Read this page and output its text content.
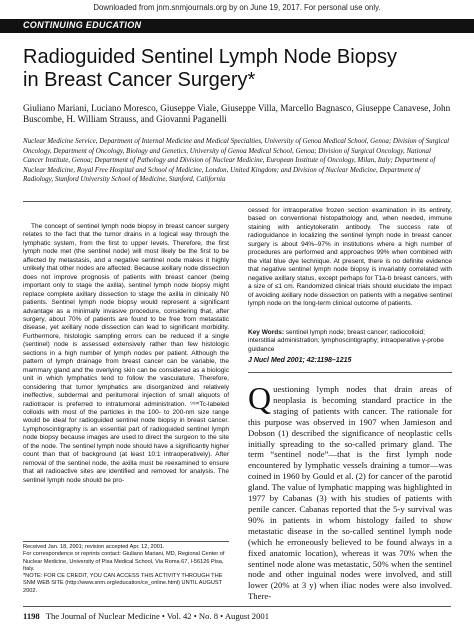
Downloaded from jnm.snmjournals.org by on June 19, 2017. For personal use only.
CONTINUING EDUCATION
Radioguided Sentinel Lymph Node Biopsy
in Breast Cancer Surgery*
Giuliano Mariani, Luciano Moresco, Giuseppe Viale, Giuseppe Villa, Marcello Bagnasco, Giuseppe Canavese, John Buscombe, H. William Strauss, and Giovanni Paganelli
Nuclear Medicine Service, Department of Internal Medicine and Medical Specialties, University of Genoa Medical School, Genoa; Division of Surgical Oncology, Department of Oncology, Biology and Genetics, University of Genoa Medical School, Genoa; Division of Surgical Oncology, National Cancer Institute, Genoa; Department of Pathology and Division of Nuclear Medicine, European Institute of Oncology, Milan, Italy; Department of Nuclear Medicine, Royal Free Hospital and School of Medicine, London, United Kingdom; and Division of Nuclear Medicine, Department of Radiology, Stanford University School of Medicine, Stanford, California

The concept of sentinel lymph node biopsy in breast cancer surgery relates to the fact that the tumor drains in a logical way through the lymphatic system, from the first to upper levels. Therefore, the first lymph node met (the sentinel node) will most likely be the first to be affected by metastasis, and a negative sentinel node makes it highly unlikely that other nodes are affected. Because axillary node dissection does not improve prognosis of patients with breast cancer (being important only to stage the axilla), sentinel lymph node biopsy might replace complete axillary dissection to stage the axilla in clinically N0 patients. Sentinel lymph node biopsy would represent a significant advantage as a minimally invasive procedure, considering that, after surgery, about 70% of patients are found to be free from metastatic disease, yet axillary node dissection can lead to significant morbidity. Furthermore, histologic sampling errors can be reduced if a single (sentinel) node is assessed extensively rather than few histologic sections in a high number of lymph nodes per patient. Although the pattern of lymph drainage from breast cancer can be variable, the mammary gland and the overlying skin can be considered as a biologic unit in which lymphatics tend to follow the vasculature. Therefore, considering that tumor lymphatics are disorganized and relatively ineffective, subdermal and peritumoral injection of small aliquots of radiotracer is preferred to intratumoral administration. ⁹⁹ᵐTc-labeled colloids with most of the particles in the 100- to 200-nm size range would be ideal for radioguided sentinel node biopsy in breast cancer. Lymphoscintigraphy is an essential part of radioguided sentinel lymph node biopsy because images are used to direct the surgeon to the site of the node. The sentinel lymph node should have a significantly higher count than that of background (at least 10:1 intraoperatively). After removal of the sentinel node, the axilla must be reexamined to ensure that all radioactive sites are identified and removed for analysis. The sentinel lymph node should be pro-

cessed for intraoperative frozen section examination in its entirety, based on conventional histopathology and, when needed, immune staining with anticytokeratin antibody. The success rate of radioguidance in localizing the sentinel lymph node in breast cancer surgery is about 94%–97% in institutions where a high number of procedures are performed and approaches 99% when combined with the vital blue dye technique. At present, there is no definite evidence that negative sentinel lymph node biopsy is invariably correlated with negative axillary status, except perhaps for T1a-b breast cancers, with a size of ≤1 cm. Randomized clinical trials should elucidate the impact of avoiding axillary node dissection on patients with a negative sentinel lymph node on the long-term clinical outcome of patients.
Key Words: sentinel lymph node; breast cancer; radiocolloid; interstitial administration; lymphoscintigraphy; intraoperative γ-probe guidance
J Nucl Med 2001; 42:1198–1215
Questioning lymph nodes that drain areas of neoplasia is becoming standard practice in the staging of patients with cancer. The rationale for this purpose was observed in 1907 when Jamieson and Dobson (1) described the significance of neoplastic cells initially spreading to the so-called primary gland. The term “sentinel node”—that is the first lymph node encountered by lymphatic vessels draining a tumor—was coined in 1960 by Gould et al. (2) for cancer of the parotid gland. The value of lymphatic mapping was highlighted in 1977 by Cabanas (3) with his studies of patients with penile cancer. Cabanas reported that the 5-y survival was 90% in patients in whom histology failed to show metastatic disease in the so-called sentinel lymph node (which he erroneously believed to be found always in a fixed anatomic location), whereas it was 70% when the sentinel node alone was metastatic, 50% when the sentinel node and other inguinal nodes were involved, and still lower (20% at 3 y) when iliac nodes were also involved. There-
Received Jan. 18, 2001; revision accepted Apr. 12, 2001.
For correspondence or reprints contact: Giuliano Mariani, MD, Regional Center of Nuclear Medicine, University of Pisa Medical School, Via Roma 67, I-56126 Pisa, Italy.
*NOTE: FOR CE CREDIT, YOU CAN ACCESS THIS ACTIVITY THROUGH THE SNM WEB SITE (http://www.snm.org/education/ce_online.html) UNTIL AUGUST 2002.
1198 The Journal of Nuclear Medicine • Vol. 42 • No. 8 • August 2001
